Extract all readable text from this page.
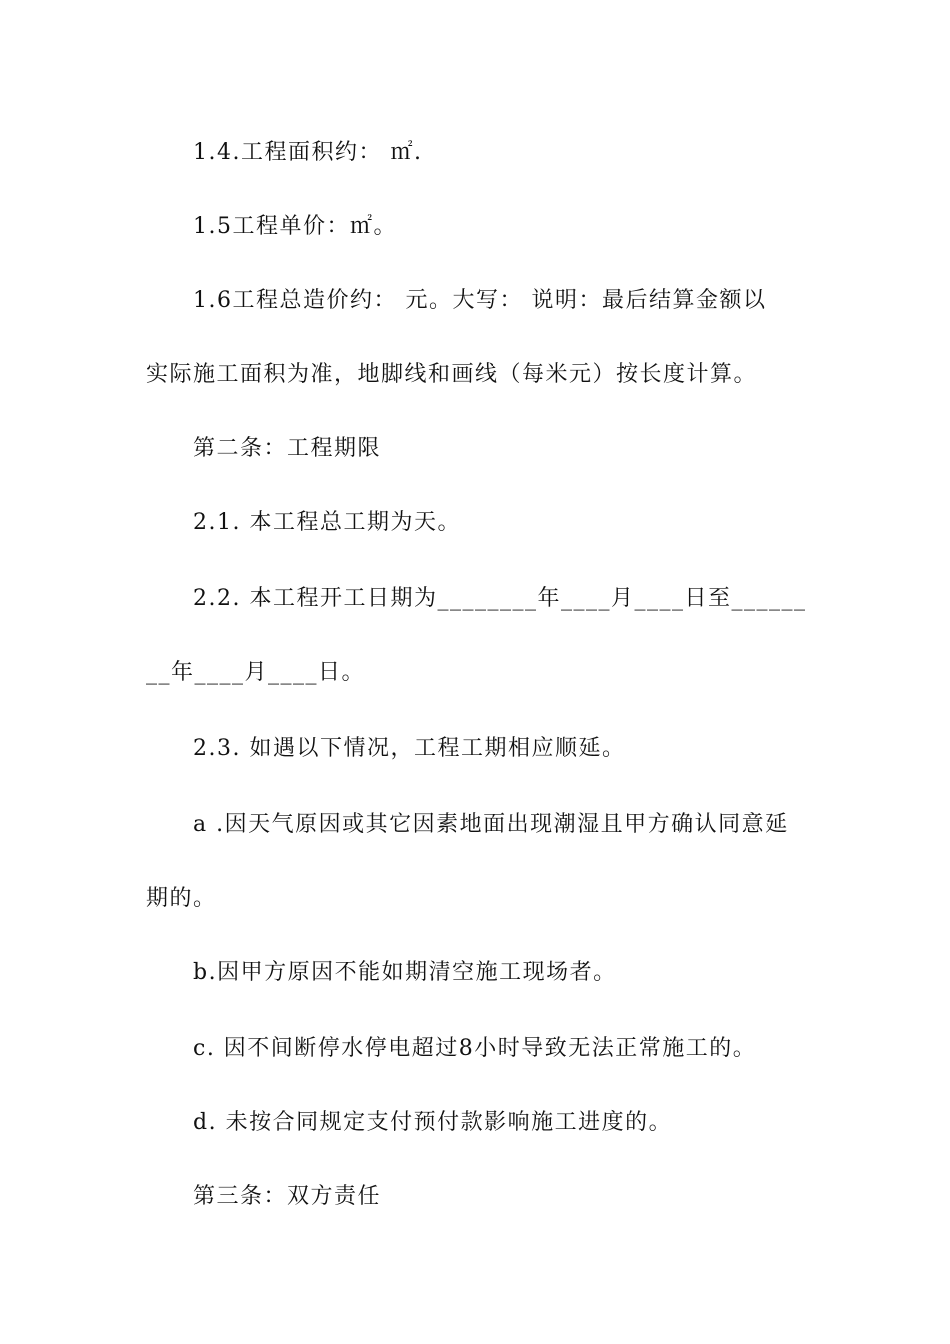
1.4.工程面积约： ㎡.
1.5工程单价：㎡。
1.6工程总造价约： 元。大写： 说明：最后结算金额以
实际施工面积为准，地脚线和画线（每米元）按长度计算。
第二条：工程期限
2.1. 本工程总工期为天。
2.2. 本工程开工日期为________年____月____日至______
__年____月____日。
2.3. 如遇以下情况，工程工期相应顺延。
a .因天气原因或其它因素地面出现潮湿且甲方确认同意延
期的。
b.因甲方原因不能如期清空施工现场者。
c. 因不间断停水停电超过8小时导致无法正常施工的。
d. 未按合同规定支付预付款影响施工进度的。
第三条：双方责任
